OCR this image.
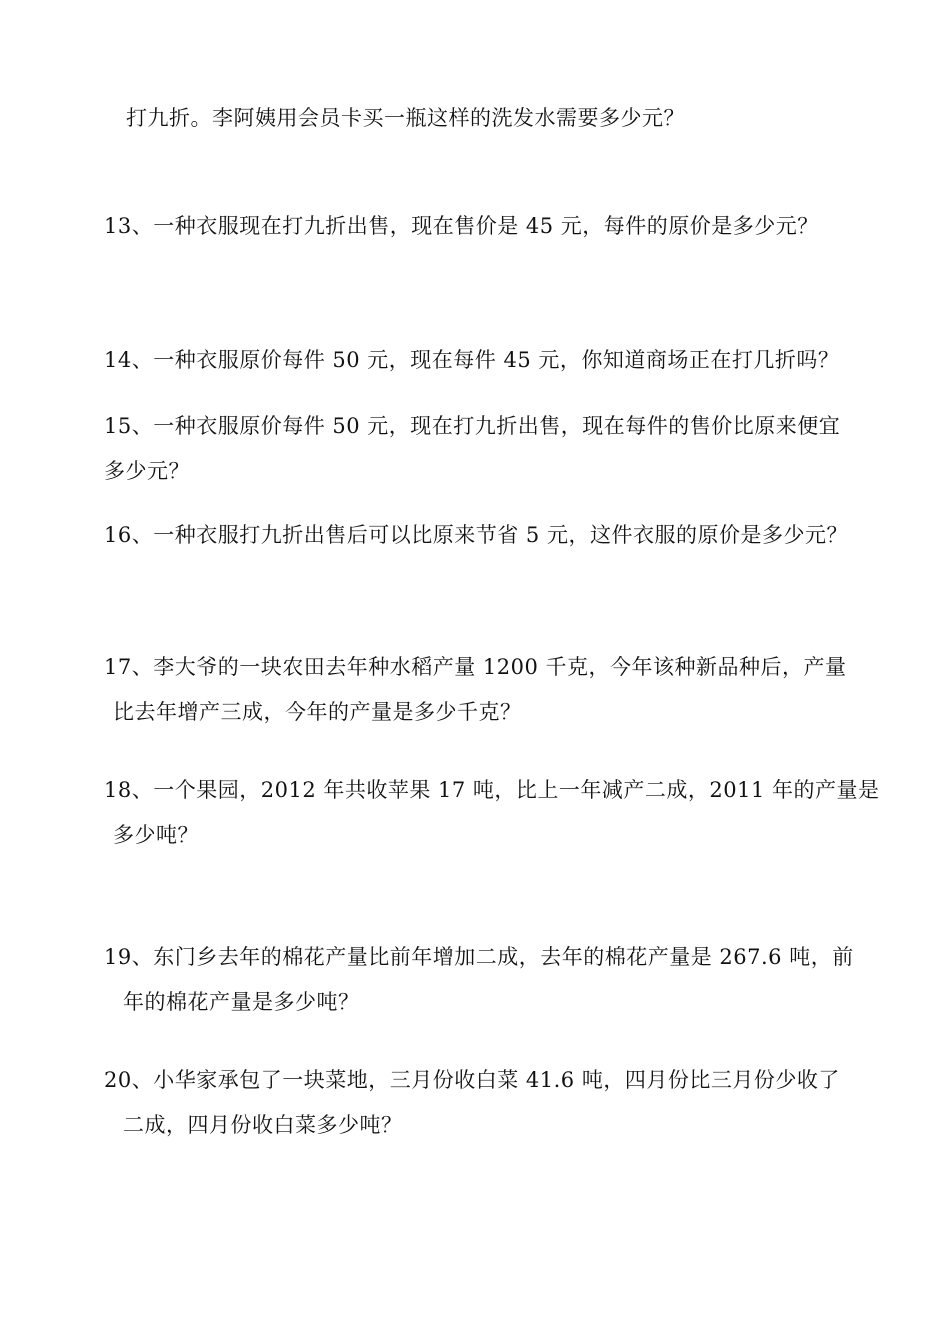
打九折。李阿姨用会员卡买一瓶这样的洗发水需要多少元？
13、一种衣服现在打九折出售，现在售价是 45 元，每件的原价是多少元？
14、一种衣服原价每件 50 元，现在每件 45 元，你知道商场正在打几折吗？
15、一种衣服原价每件 50 元，现在打九折出售，现在每件的售价比原来便宜
多少元？
16、一种衣服打九折出售后可以比原来节省 5 元，这件衣服的原价是多少元？
17、李大爷的一块农田去年种水稻产量 1200 千克，今年该种新品种后，产量
比去年增产三成，今年的产量是多少千克？
18、一个果园，2012 年共收苹果 17 吨，比上一年减产二成，2011 年的产量是
多少吨？
19、东门乡去年的棉花产量比前年增加二成，去年的棉花产量是 267.6 吨，前
年的棉花产量是多少吨？
20、小华家承包了一块菜地，三月份收白菜 41.6 吨，四月份比三月份少收了
二成，四月份收白菜多少吨？
